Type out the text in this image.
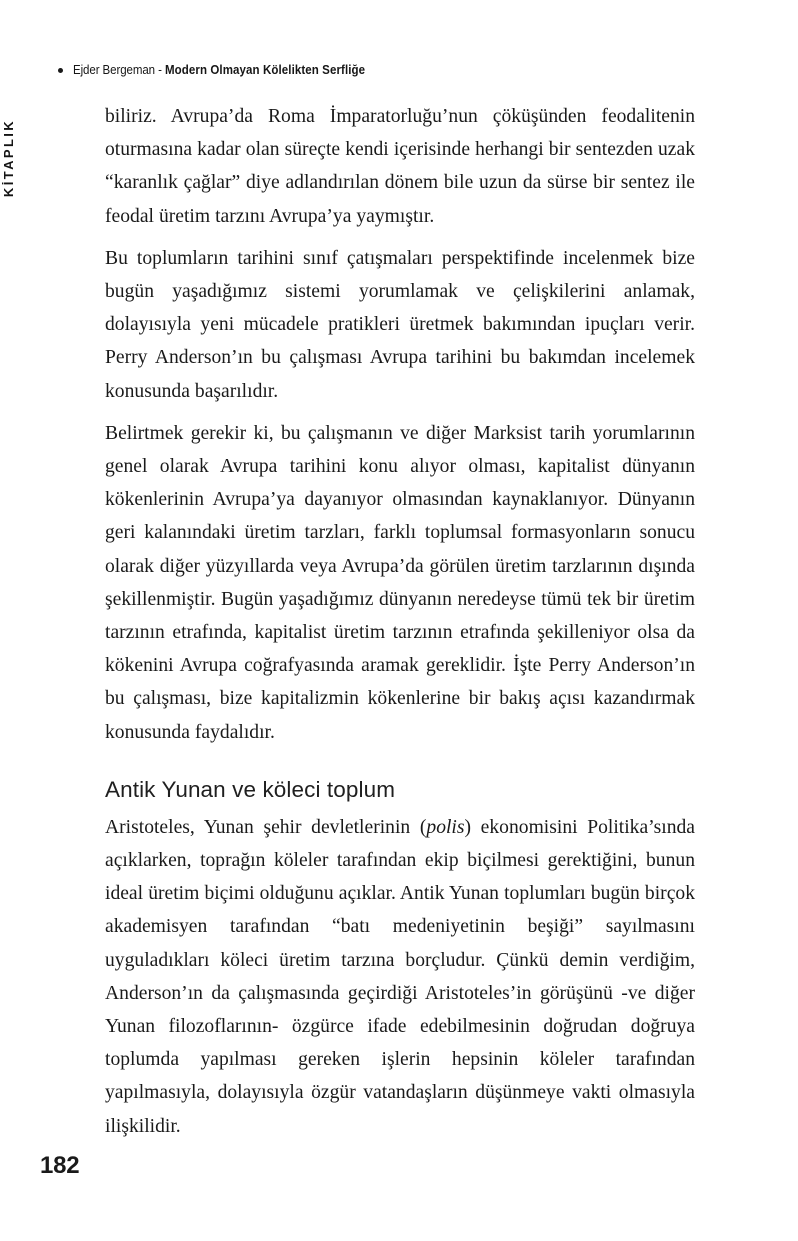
Ejder Bergeman - Modern Olmayan Kölelikten Serfliğe
KİTAPLIK

biliriz. Avrupa’da Roma İmparatorluğu’nun çöküşünden feodalitenin oturmasına kadar olan süreçte kendi içerisinde herhangi bir sentezden uzak “karanlık çağlar” diye adlandırılan dönem bile uzun da sürse bir sentez ile feodal üretim tarzını Avrupa’ya yaymıştır.

Bu toplumların tarihini sınıf çatışmaları perspektifinde incelenmek bize bugün yaşadığımız sistemi yorumlamak ve çelişkilerini anlamak, dolayısıyla yeni mücadele pratikleri üretmek bakımından ipuçları verir. Perry Anderson’ın bu çalışması Avrupa tarihini bu bakımdan incelemek konusunda başarılıdır.

Belirtmek gerekir ki, bu çalışmanın ve diğer Marksist tarih yorumlarının genel olarak Avrupa tarihini konu alıyor olması, kapitalist dünyanın kökenlerinin Avrupa’ya dayanıyor olmasından kaynaklanıyor. Dünyanın geri kalanındaki üretim tarzları, farklı toplumsal formasyonların sonucu olarak diğer yüzyıllarda veya Avrupa’da görülen üretim tarzlarının dışında şekillenmiştir. Bugün yaşadığımız dünyanın neredeyse tümü tek bir üretim tarzının etrafında, kapitalist üretim tarzının etrafında şekilleniyor olsa da kökenini Avrupa coğrafyasında aramak gereklidir. İşte Perry Anderson’ın bu çalışması, bize kapitalizmin kökenlerine bir bakış açısı kazandırmak konusunda faydalıdır.

Antik Yunan ve köleci toplum

Aristoteles, Yunan şehir devletlerinin (polis) ekonomisini Politika’sında açıklarken, toprağın köleler tarafından ekip biçilmesi gerektiğini, bunun ideal üretim biçimi olduğunu açıklar. Antik Yunan toplumları bugün birçok akademisyen tarafından “batı medeniyetinin beşiği” sayılmasını uyguladıkları köleci üretim tarzına borçludur. Çünkü demin verdiğim, Anderson’ın da çalışmasında geçirdiği Aristoteles’in görüşünü -ve diğer Yunan filozoflarının- özgürce ifade edebilmesinin doğrudan doğruya toplumda yapılması gereken işlerin hepsinin köleler tarafından yapılmasıyla, dolayısıyla özgür vatandaşların düşünmeye vakti olmasıyla ilişkilidir.

182
